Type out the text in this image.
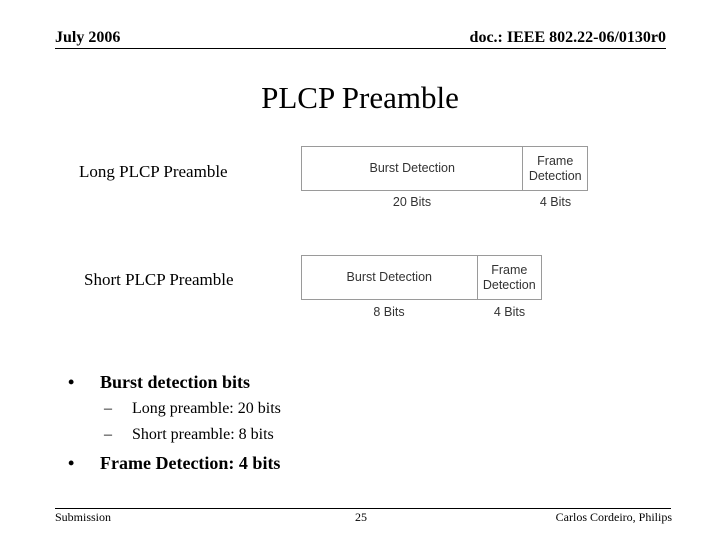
July 2006	doc.: IEEE 802.22-06/0130r0
PLCP Preamble
Long PLCP Preamble	Burst Detection
Frame
Detection
20 Bits	4 Bits
Short PLCP Preamble	Burst Detection
Frame
Detection
8 Bits	4 Bits
• Burst detection bits
– Long preamble: 20 bits
– Short preamble: 8 bits
• Frame Detection: 4 bits
Submission	25	Carlos Cordeiro, Philips
